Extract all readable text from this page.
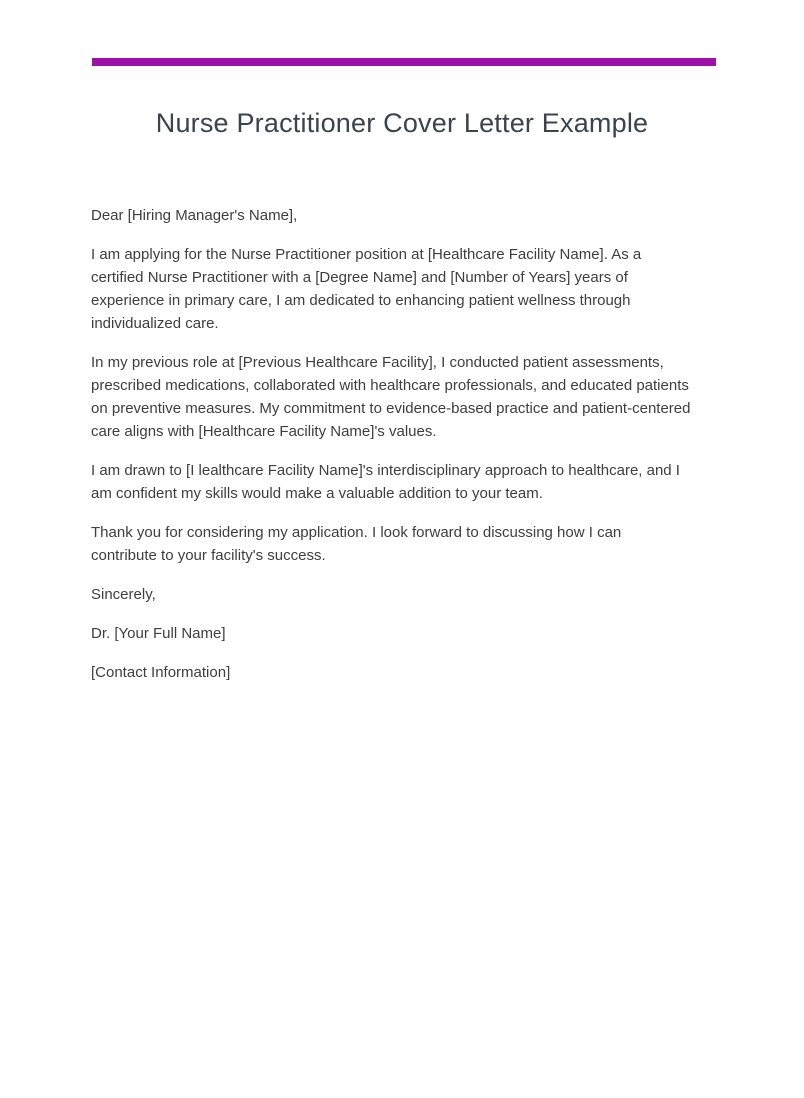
Nurse Practitioner Cover Letter Example

Dear [Hiring Manager's Name],

I am applying for the Nurse Practitioner position at [Healthcare Facility Name]. As a certified Nurse Practitioner with a [Degree Name] and [Number of Years] years of experience in primary care, I am dedicated to enhancing patient wellness through individualized care.

In my previous role at [Previous Healthcare Facility], I conducted patient assessments, prescribed medications, collaborated with healthcare professionals, and educated patients on preventive measures. My commitment to evidence-based practice and patient-centered care aligns with [Healthcare Facility Name]'s values.

I am drawn to [I lealthcare Facility Name]'s interdisciplinary approach to healthcare, and I am confident my skills would make a valuable addition to your team.

Thank you for considering my application. I look forward to discussing how I can contribute to your facility's success.

Sincerely,

Dr. [Your Full Name]

[Contact Information]
